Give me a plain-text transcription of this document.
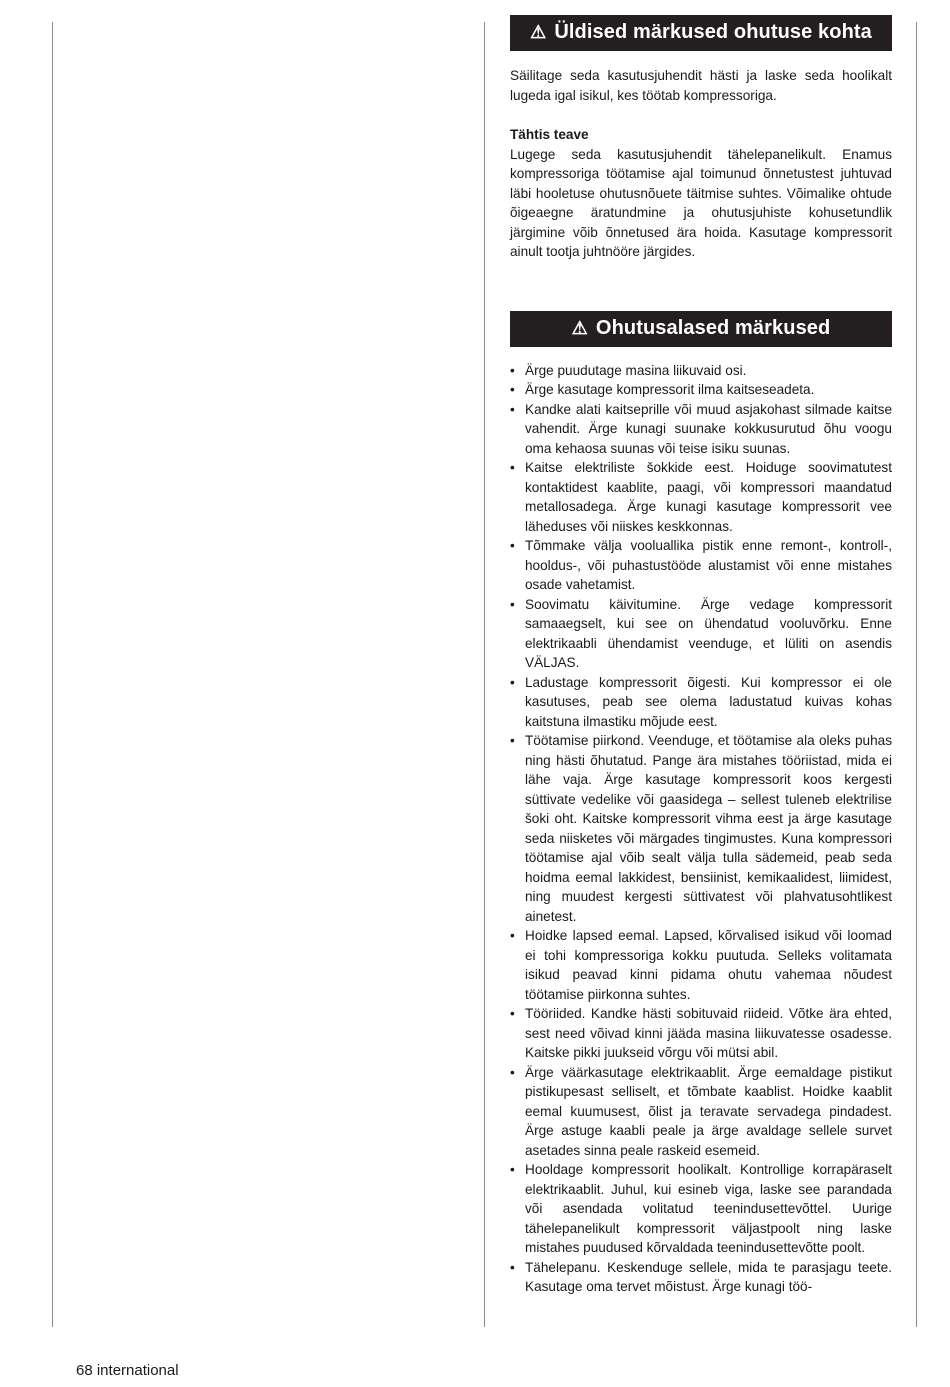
⚠ Üldised märkused ohutuse kohta

Säilitage seda kasutusjuhendit hästi ja laske seda hoolikalt lugeda igal isikul, kes töötab kompressoriga.

Tähtis teave

Lugege seda kasutusjuhendit tähelepanelikult. Enamus kompressoriga töötamise ajal toimunud õnnetustest juhtuvad läbi hooletuse ohutusnõuete täitmise suhtes. Võimalike ohtude õigeaegne äratundmine ja ohutusjuhiste kohusetundlik järgimine võib õnnetused ära hoida. Kasutage kompressorit ainult tootja juhtnööre järgides.

⚠ Ohutusalased märkused
• Ärge puudutage masina liikuvaid osi.
• Ärge kasutage kompressorit ilma kaitseseadeta.
• Kandke alati kaitseprille või muud asjakohast silmade kaitse vahendit. Ärge kunagi suunake kokkusurutud õhu voogu oma kehaosa suunas või teise isiku suunas.
• Kaitse elektriliste šokkide eest. Hoiduge soovimatutest kontaktidest kaablite, paagi, või kompressori maandatud metallosadega. Ärge kunagi kasutage kompressorit vee läheduses või niiskes keskkonnas.
• Tõmmake välja vooluallika pistik enne remont-, kontroll-, hooldus-, või puhastustööde alustamist või enne mistahes osade vahetamist.
• Soovimatu käivitumine. Ärge vedage kompressorit samaaegselt, kui see on ühendatud vooluvõrku. Enne elektrikaabli ühendamist veenduge, et lüliti on asendis VÄLJAS.
• Ladustage kompressorit õigesti. Kui kompressor ei ole kasutuses, peab see olema ladustatud kuivas kohas kaitstuna ilmastiku mõjude eest.
• Töötamise piirkond. Veenduge, et töötamise ala oleks puhas ning hästi õhutatud. Pange ära mistahes tööriistad, mida ei lähe vaja. Ärge kasutage kompressorit koos kergesti süttivate vedelike või gaasidega – sellest tuleneb elektrilise šoki oht. Kaitske kompressorit vihma eest ja ärge kasutage seda niisketes või märgades tingimustes. Kuna kompressori töötamise ajal võib sealt välja tulla sädemeid, peab seda hoidma eemal lakkidest, bensiinist, kemikaalidest, liimidest, ning muudest kergesti süttivatest või plahvatusohtlikest ainetest.
• Hoidke lapsed eemal. Lapsed, kõrvalised isikud või loomad ei tohi kompressoriga kokku puutuda. Selleks volitamata isikud peavad kinni pidama ohutu vahemaa nõudest töötamise piirkonna suhtes.
• Tööriided. Kandke hästi sobituvaid riideid. Võtke ära ehted, sest need võivad kinni jääda masina liikuvatesse osadesse. Kaitske pikki juukseid võrgu või mütsi abil.
• Ärge väärkasutage elektrikaablit. Ärge eemaldage pistikut pistikupesast selliselt, et tõmbate kaablist. Hoidke kaablit eemal kuumusest, õlist ja teravate servadega pindadest. Ärge astuge kaabli peale ja ärge avaldage sellele survet asetades sinna peale raskeid esemeid.
• Hooldage kompressorit hoolikalt. Kontrollige korrapäraselt elektrikaablit. Juhul, kui esineb viga, laske see parandada või asendada volitatud teenindusettevõttel. Uurige tähelepanelikult kompressorit väljastpoolt ning laske mistahes puudused kõrvaldada teenindusettevõtte poolt.
• Tähelepanu. Keskenduge sellele, mida te parasjagu teete. Kasutage oma tervet mõistust. Ärge kunagi töö-
68 international
